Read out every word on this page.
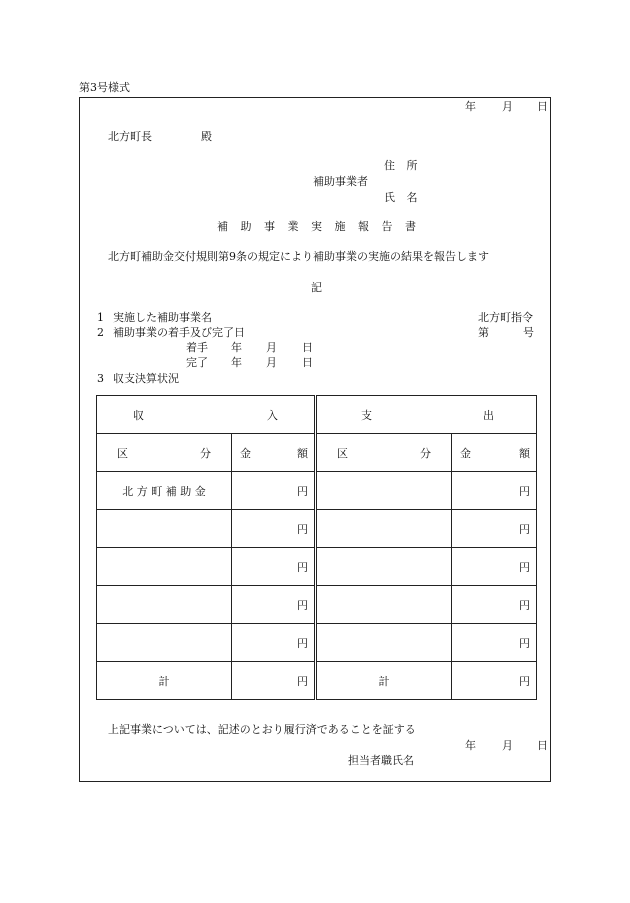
第3号様式
年 月 日
北方町長	殿
住 所
補助事業者
氏 名
補 助 事 業 実 施 報 告 書
北方町補助金交付規則第9条の規定により補助事業の実施の結果を報告します
記
1 実施した補助事業名
2 補助事業の着手及び完了日
北方町指令
第	号
着手 年 月 日
完了 年 月 日
3 収支決算状況
収 入		支 出	

区 分	金 額	区 分	金 額

北 方 町 補 助 金	円		円
	円		円
	円		円
	円		円
	円		円
計	円	計	円
上記事業については、記述のとおり履行済であることを証する
年 月 日
担当者職氏名
